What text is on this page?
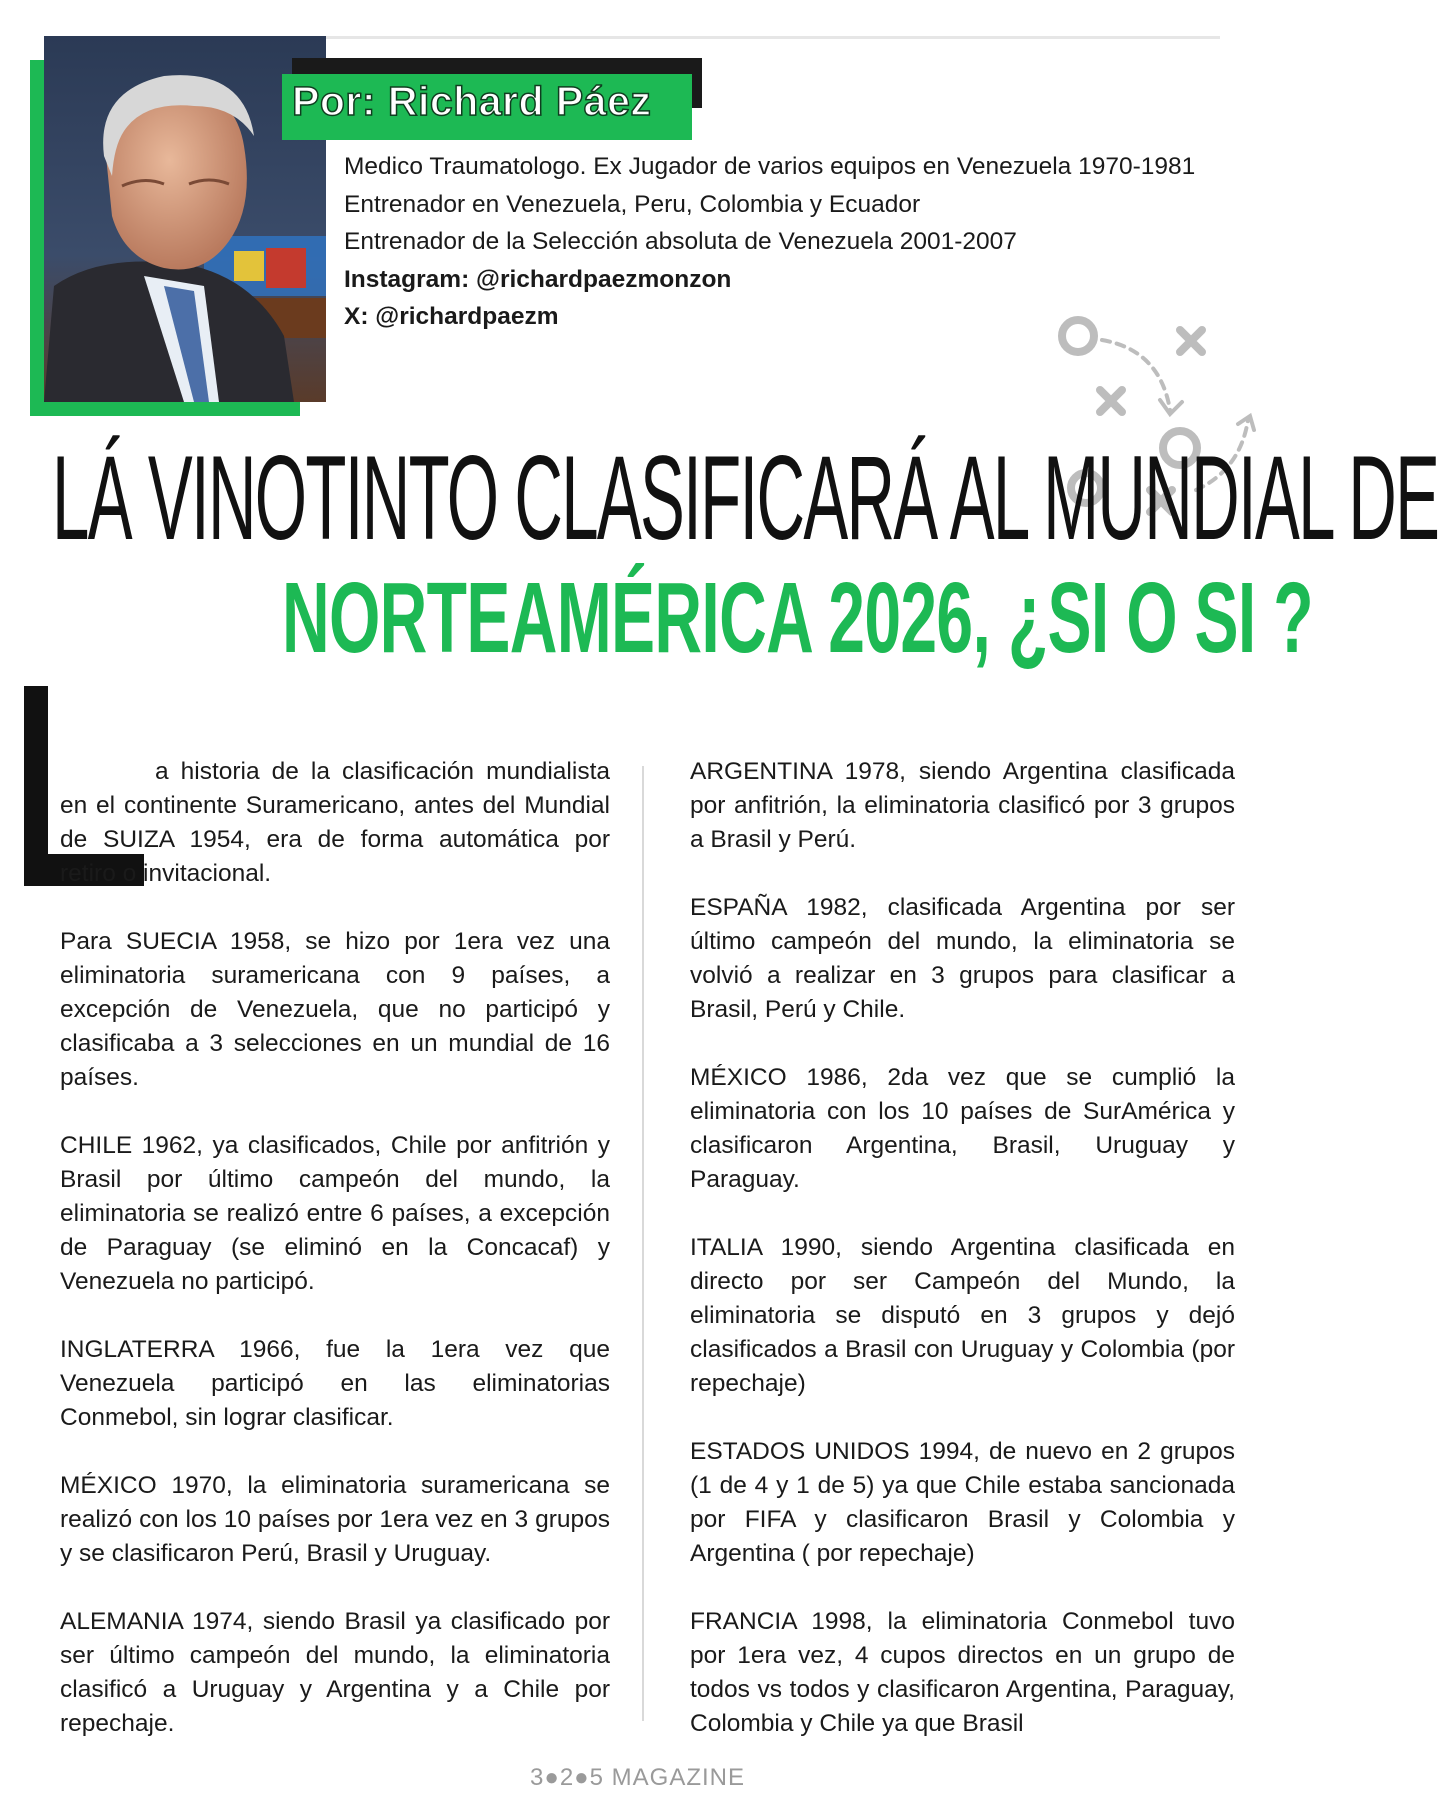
Por: Richard Páez
Medico Traumatologo. Ex Jugador de varios equipos en Venezuela 1970-1981
Entrenador en Venezuela, Peru, Colombia y Ecuador
Entrenador de la Selección absoluta de Venezuela 2001-2007
Instagram: @richardpaezmonzon
X: @richardpaezm
LÁ VINOTINTO CLASIFICARÁ AL MUNDIAL DE
NORTEAMÉRICA 2026, ¿SI O SI ?

a historia de la clasificación mundialista en el continente Suramericano, antes del Mundial de SUIZA 1954, era de forma automática por retiro o invitacional.

Para SUECIA 1958, se hizo por 1era vez una eliminatoria suramericana con 9 países, a excepción de Venezuela, que no participó y clasificaba a 3 selecciones en un mundial de 16 países.

CHILE 1962, ya clasificados, Chile por anfitrión y Brasil por último campeón del mundo, la eliminatoria se realizó entre 6 países, a excepción de Paraguay (se eliminó en la Concacaf) y Venezuela no participó.

INGLATERRA 1966, fue la 1era vez que Venezuela participó en las eliminatorias Conmebol, sin lograr clasificar.

MÉXICO 1970, la eliminatoria suramericana se realizó con los 10 países por 1era vez en 3 grupos y se clasificaron Perú, Brasil y Uruguay.

ALEMANIA 1974, siendo Brasil ya clasificado por ser último campeón del mundo, la eliminatoria clasificó a Uruguay y Argentina y a Chile por repechaje.

ARGENTINA 1978, siendo Argentina clasificada por anfitrión, la eliminatoria clasificó por 3 grupos a Brasil y Perú.

ESPAÑA 1982, clasificada Argentina por ser último campeón del mundo, la eliminatoria se volvió a realizar en 3 grupos para clasificar a Brasil, Perú y Chile.

MÉXICO 1986, 2da vez que se cumplió la eliminatoria con los 10 países de SurAmérica y clasificaron Argentina, Brasil, Uruguay y Paraguay.

ITALIA 1990, siendo Argentina clasificada en directo por ser Campeón del Mundo, la eliminatoria se disputó en 3 grupos y dejó clasificados a Brasil con Uruguay y Colombia (por repechaje)

ESTADOS UNIDOS 1994, de nuevo en 2 grupos (1 de 4 y 1 de 5) ya que Chile estaba sancionada por FIFA y clasificaron Brasil y Colombia y Argentina ( por repechaje)

FRANCIA 1998, la eliminatoria Conmebol tuvo por 1era vez, 4 cupos directos en un grupo de todos vs todos y clasificaron Argentina, Paraguay, Colombia y Chile ya que Brasil

3●2●5 MAGAZINE
